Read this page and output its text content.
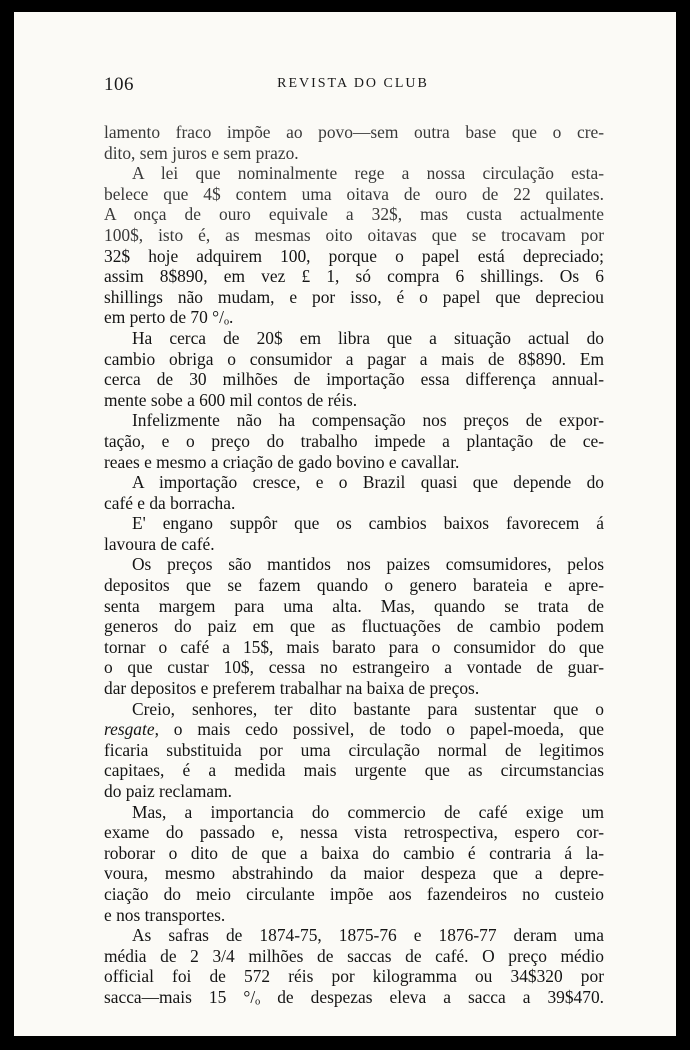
106	REVISTA DO CLUB
lamento fraco impõe ao povo—sem outra base que o cre-
dito, sem juros e sem prazo.
A lei que nominalmente rege a nossa circulação esta-
belece que 4$ contem uma oitava de ouro de 22 quilates.
A onça de ouro equivale a 32$, mas custa actualmente
100$, isto é, as mesmas oito oitavas que se trocavam por
32$ hoje adquirem 100, porque o papel está depreciado;
assim 8$890, em vez £ 1, só compra 6 shillings. Os 6
shillings não mudam, e por isso, é o papel que depreciou
em perto de 70 °/ₒ.
Ha cerca de 20$ em libra que a situação actual do
cambio obriga o consumidor a pagar a mais de 8$890. Em
cerca de 30 milhões de importação essa differença annual-
mente sobe a 600 mil contos de réis.
Infelizmente não ha compensação nos preços de expor-
tação, e o preço do trabalho impede a plantação de ce-
reaes e mesmo a criação de gado bovino e cavallar.
A importação cresce, e o Brazil quasi que depende do
café e da borracha.
E' engano suppôr que os cambios baixos favorecem á
lavoura de café.
Os preços são mantidos nos paizes comsumidores, pelos
depositos que se fazem quando o genero barateia e apre-
senta margem para uma alta. Mas, quando se trata de
generos do paiz em que as fluctuações de cambio podem
tornar o café a 15$, mais barato para o consumidor do que
o que custar 10$, cessa no estrangeiro a vontade de guar-
dar depositos e preferem trabalhar na baixa de preços.
Creio, senhores, ter dito bastante para sustentar que o
resgate, o mais cedo possivel, de todo o papel-moeda, que
ficaria substituida por uma circulação normal de legitimos
capitaes, é a medida mais urgente que as circumstancias
do paiz reclamam.
Mas, a importancia do commercio de café exige um
exame do passado e, nessa vista retrospectiva, espero cor-
roborar o dito de que a baixa do cambio é contraria á la-
voura, mesmo abstrahindo da maior despeza que a depre-
ciação do meio circulante impõe aos fazendeiros no custeio
e nos transportes.
As safras de 1874-75, 1875-76 e 1876-77 deram uma
média de 2 3/4 milhões de saccas de café. O preço médio
official foi de 572 réis por kilogramma ou 34$320 por
sacca—mais 15 °/ₒ de despezas eleva a sacca a 39$470.
